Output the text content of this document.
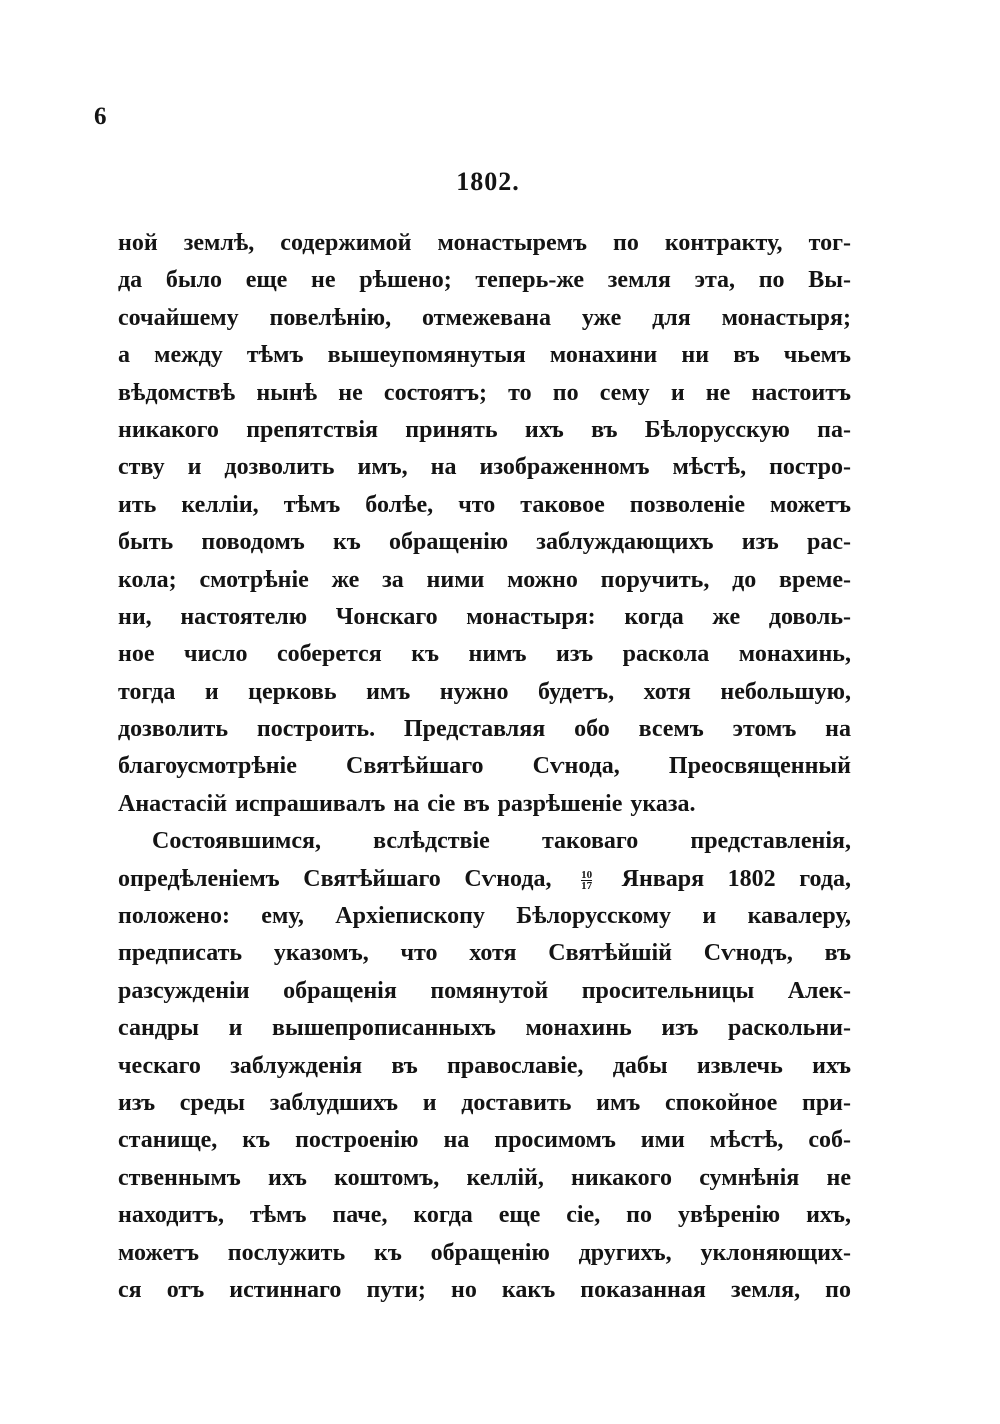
6
1802.
ной землѣ, содержимой монастыремъ по контракту, тог-
да было еще не рѣшено; теперь-же земля эта, по Вы-
сочайшему повелѣнію, отмежевана уже для монастыря;
а между тѣмъ вышеупомянутыя монахини ни въ чьемъ
вѣдомствѣ нынѣ не состоятъ; то по сему и не настоитъ
никакого препятствія принять ихъ въ Бѣлорусскую па-
ству и дозволить имъ, на изображенномъ мѣстѣ, постро-
ить келліи, тѣмъ болѣе, что таковое позволеніе можетъ
быть поводомъ къ обращенію заблуждающихъ изъ рас-
кола; смотрѣніе же за ними можно поручить, до време-
ни, настоятелю Чонскаго монастыря: когда же доволь-
ное число соберется къ нимъ изъ раскола монахинь,
тогда и церковь имъ нужно будетъ, хотя небольшую,
дозволить построить. Представляя обо всемъ этомъ на
благоусмотрѣніе Святѣйшаго Сѵнода, Преосвященный
Анастасій испрашивалъ на сіе въ разрѣшеніе указа.
Состоявшимся, вслѣдствіе таковаго представленія,
опредѣленіемъ Святѣйшаго Сѵнода,	$\frac{10}{17}$ Января 1802 года,
положено: ему, Архіепископу Бѣлорусскому и кавалеру,
предписать указомъ, что хотя Святѣйшій Сѵнодъ, въ
разсужденіи обращенія помянутой просительницы Алек-
сандры и вышепрописанныхъ монахинь изъ раскольни-
ческаго заблужденія въ православіе, дабы извлечь ихъ
изъ среды заблудшихъ и доставить имъ спокойное при-
станище, къ построенію на просимомъ ими мѣстѣ, соб-
ственнымъ ихъ коштомъ, келлій, никакого сумнѣнія не
находитъ, тѣмъ паче, когда еще сіе, по увѣренію ихъ,
можетъ послужить къ обращенію другихъ, уклоняющих-
ся отъ истиннаго пути; но какъ показанная земля, по
